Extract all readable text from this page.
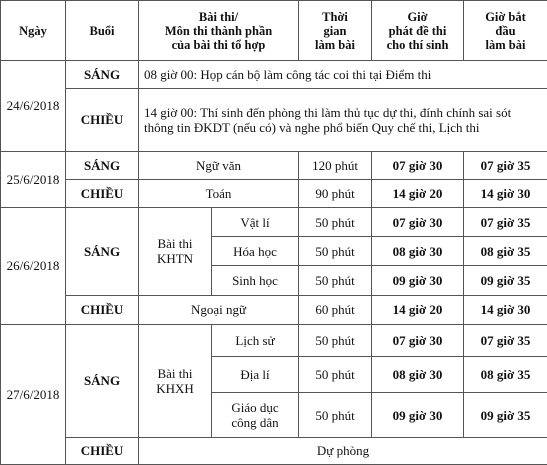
Ngày	Buổi	Bài thi/
Môn thi thành phần
của bài thi tổ hợp		Thời
gian
làm bài	Giờ
phát đề thi
cho thí sinh	Giờ bắt
đầu
làm bài
24/6/2018	SÁNG	08 giờ 00: Họp cán bộ làm công tác coi thi tại Điểm thi				
	CHIỀU	14 giờ 00: Thí sinh đến phòng thi làm thủ tục dự thi, đính chính sai sót thông tin ĐKDT (nếu có) và nghe phổ biến Quy chế thi, Lịch thi				
25/6/2018	SÁNG	Ngữ văn		120 phút	07 giờ 30	07 giờ 35
	CHIỀU	Toán		90 phút	14 giờ 20	14 giờ 30
26/6/2018	SÁNG	Bài thi
KHTN	Vật lí	50 phút	07 giờ 30	07 giờ 35
			Hóa học	50 phút	08 giờ 30	08 giờ 35
			Sinh học	50 phút	09 giờ 30	09 giờ 35
	CHIỀU	Ngoại ngữ		60 phút	14 giờ 20	14 giờ 30
27/6/2018	SÁNG	Bài thi
KHXH	Lịch sử	50 phút	07 giờ 30	07 giờ 35
			Địa lí	50 phút	08 giờ 30	08 giờ 35
			Giáo dục
công dân	50 phút	09 giờ 30	09 giờ 35
	CHIỀU	Dự phòng				
